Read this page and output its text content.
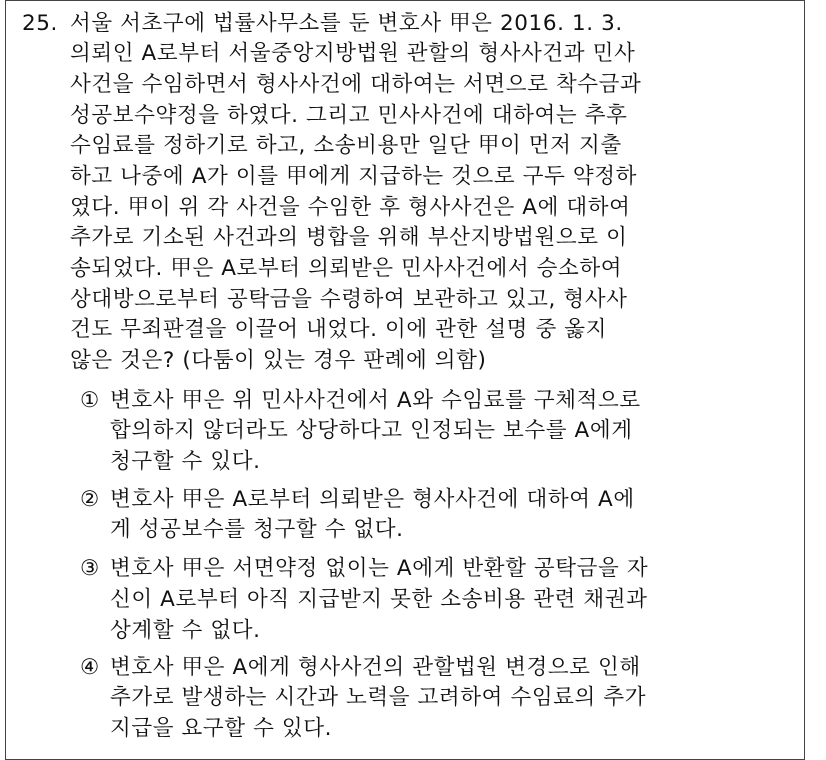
25. 서울 서초구에 법률사무소를 둔 변호사 甲은 2016. 1. 3.
의뢰인 A로부터 서울중앙지방법원 관할의 형사사건과 민사
사건을 수임하면서 형사사건에 대하여는 서면으로 착수금과
성공보수약정을 하였다. 그리고 민사사건에 대하여는 추후
수임료를 정하기로 하고, 소송비용만 일단 甲이 먼저 지출
하고 나중에 A가 이를 甲에게 지급하는 것으로 구두 약정하
였다. 甲이 위 각 사건을 수임한 후 형사사건은 A에 대하여
추가로 기소된 사건과의 병합을 위해 부산지방법원으로 이
송되었다. 甲은 A로부터 의뢰받은 민사사건에서 승소하여
상대방으로부터 공탁금을 수령하여 보관하고 있고, 형사사
건도 무죄판결을 이끌어 내었다. 이에 관한 설명 중 옳지
않은 것은? (다툼이 있는 경우 판례에 의함)
① 변호사 甲은 위 민사사건에서 A와 수임료를 구체적으로
합의하지 않더라도 상당하다고 인정되는 보수를 A에게
청구할 수 있다.
② 변호사 甲은 A로부터 의뢰받은 형사사건에 대하여 A에
게 성공보수를 청구할 수 없다.
③ 변호사 甲은 서면약정 없이는 A에게 반환할 공탁금을 자
신이 A로부터 아직 지급받지 못한 소송비용 관련 채권과
상계할 수 없다.
④ 변호사 甲은 A에게 형사사건의 관할법원 변경으로 인해
추가로 발생하는 시간과 노력을 고려하여 수임료의 추가
지급을 요구할 수 있다.
